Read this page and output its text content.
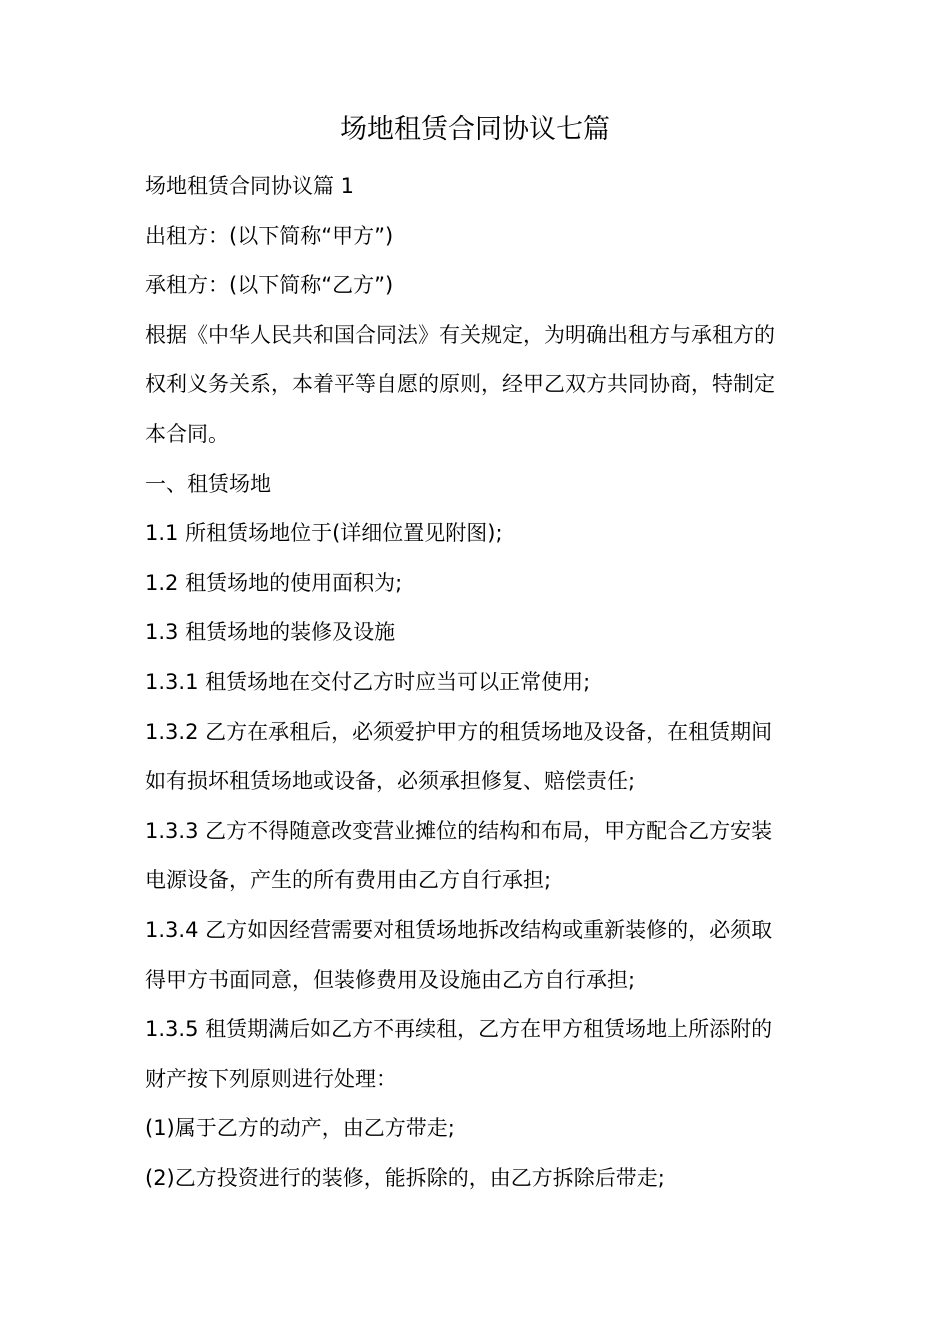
场地租赁合同协议七篇

场地租赁合同协议篇 1

出租方：(以下简称“甲方”)

承租方：(以下简称“乙方”)

根据《中华人民共和国合同法》有关规定，为明确出租方与承租方的

权利义务关系，本着平等自愿的原则，经甲乙双方共同协商，特制定

本合同。

一、租赁场地

1.1 所租赁场地位于(详细位置见附图);

1.2 租赁场地的使用面积为;

1.3 租赁场地的装修及设施

1.3.1 租赁场地在交付乙方时应当可以正常使用;

1.3.2 乙方在承租后，必须爱护甲方的租赁场地及设备，在租赁期间

如有损坏租赁场地或设备，必须承担修复、赔偿责任;

1.3.3 乙方不得随意改变营业摊位的结构和布局，甲方配合乙方安装

电源设备，产生的所有费用由乙方自行承担;

1.3.4 乙方如因经营需要对租赁场地拆改结构或重新装修的，必须取

得甲方书面同意，但装修费用及设施由乙方自行承担;

1.3.5 租赁期满后如乙方不再续租，乙方在甲方租赁场地上所添附的

财产按下列原则进行处理：

(1)属于乙方的动产，由乙方带走;

(2)乙方投资进行的装修，能拆除的，由乙方拆除后带走;
